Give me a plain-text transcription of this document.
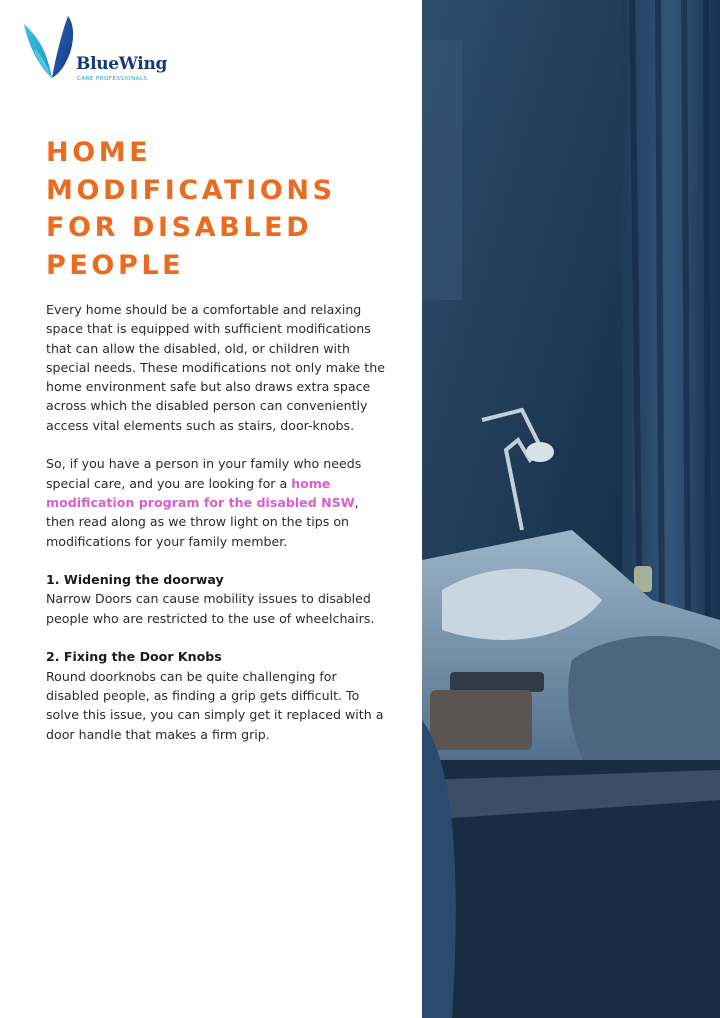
BlueWing
CARE PROFESSIONALS
HOME MODIFICATIONS FOR DISABLED PEOPLE

Every home should be a comfortable and relaxing space that is equipped with sufficient modifications that can allow the disabled, old, or children with special needs. These modifications not only make the home environment safe but also draws extra space across which the disabled person can conveniently access vital elements such as stairs, door-knobs.

So, if you have a person in your family who needs special care, and you are looking for a home modification program for the disabled NSW, then read along as we throw light on the tips on modifications for your family member.

1. Widening the doorway
Narrow Doors can cause mobility issues to disabled people who are restricted to the use of wheelchairs.

2. Fixing the Door Knobs
Round doorknobs can be quite challenging for disabled people, as finding a grip gets difficult. To solve this issue, you can simply get it replaced with a door handle that makes a firm grip.
